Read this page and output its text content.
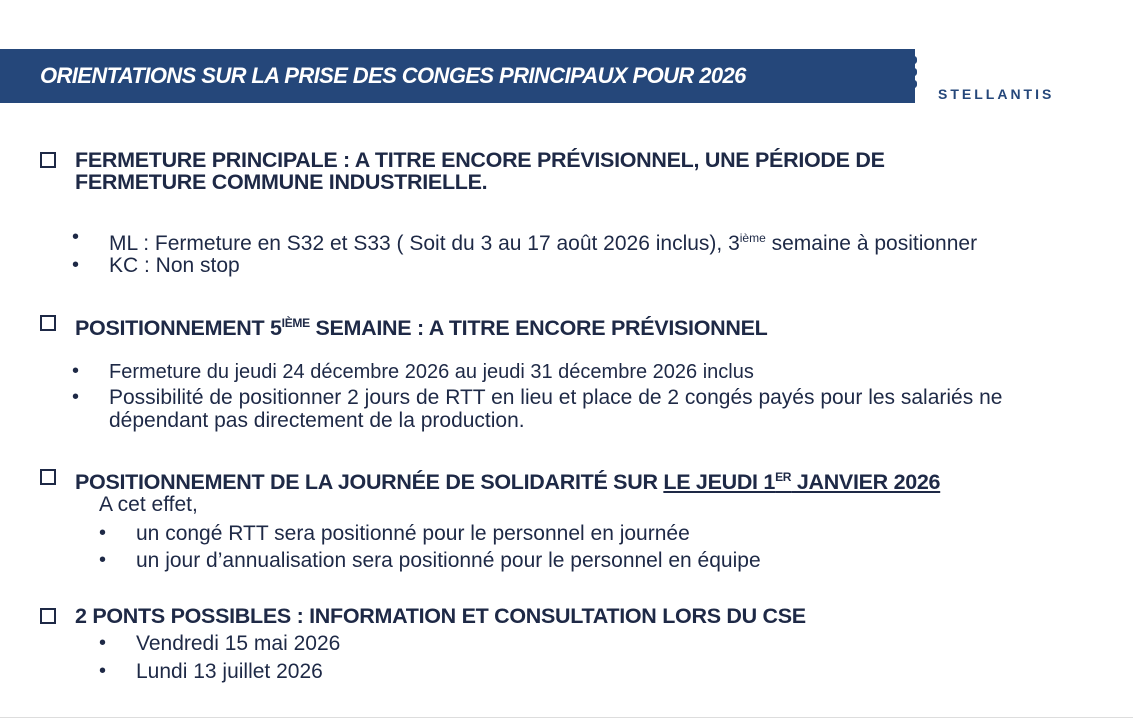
ORIENTATIONS SUR LA PRISE DES CONGES PRINCIPAUX POUR 2026
STELLANTIS
FERMETURE PRINCIPALE : A TITRE ENCORE PRÉVISIONNEL, UNE PÉRIODE DE
FERMETURE COMMUNE INDUSTRIELLE.
• ML : Fermeture en S32 et S33 ( Soit du 3 au 17 août 2026 inclus), 3ième semaine à positionner
• KC : Non stop
POSITIONNEMENT 5IÈME SEMAINE : A TITRE ENCORE PRÉVISIONNEL
• Fermeture du jeudi 24 décembre 2026 au jeudi 31 décembre 2026 inclus
• Possibilité de positionner 2 jours de RTT en lieu et place de 2 congés payés pour les salariés ne
dépendant pas directement de la production.
POSITIONNEMENT DE LA JOURNÉE DE SOLIDARITÉ SUR LE JEUDI 1ER JANVIER 2026
A cet effet,
• un congé RTT sera positionné pour le personnel en journée
• un jour d’annualisation sera positionné pour le personnel en équipe
2 PONTS POSSIBLES : INFORMATION ET CONSULTATION LORS DU CSE
• Vendredi 15 mai 2026
• Lundi 13 juillet 2026
